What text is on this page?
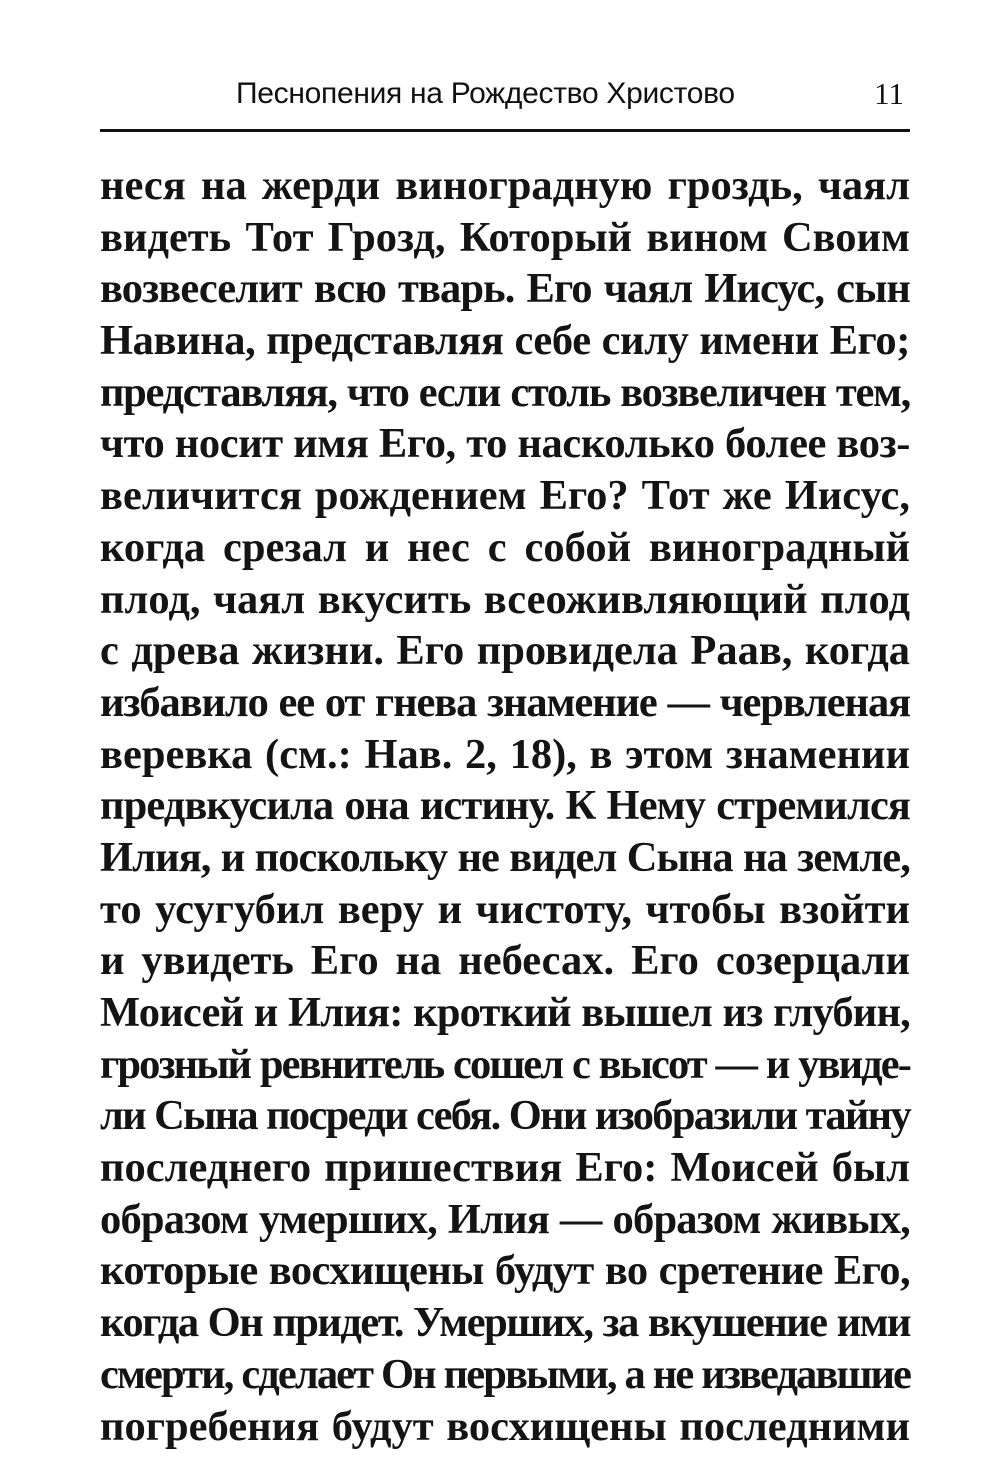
Песнопения на Рождество Христово	11
неся на жерди виноградную гроздь, чаял
видеть Тот Грозд, Который вином Своим
возвеселит всю тварь. Его чаял Иисус, сын
Навина, представляя себе силу имени Его;
представляя, что если столь возвеличен тем,
что носит имя Его, то насколько более воз-
величится рождением Его? Тот же Иисус,
когда срезал и нес с собой виноградный
плод, чаял вкусить всеоживляющий плод
с древа жизни. Его провидела Раав, когда
избавило ее от гнева знамение — червленая
веревка (см.: Нав. 2, 18), в этом знамении
предвкусила она истину. К Нему стремился
Илия, и поскольку не видел Сына на земле,
то усугубил веру и чистоту, чтобы взойти
и увидеть Его на небесах. Его созерцали
Моисей и Илия: кроткий вышел из глубин,
грозный ревнитель сошел с высот — и увиде-
ли Сына посреди себя. Они изобразили тайну
последнего пришествия Его: Моисей был
образом умерших, Илия — образом живых,
которые восхищены будут во сретение Его,
когда Он придет. Умерших, за вкушение ими
смерти, сделает Он первыми, а не изведавшие
погребения будут восхищены последними
